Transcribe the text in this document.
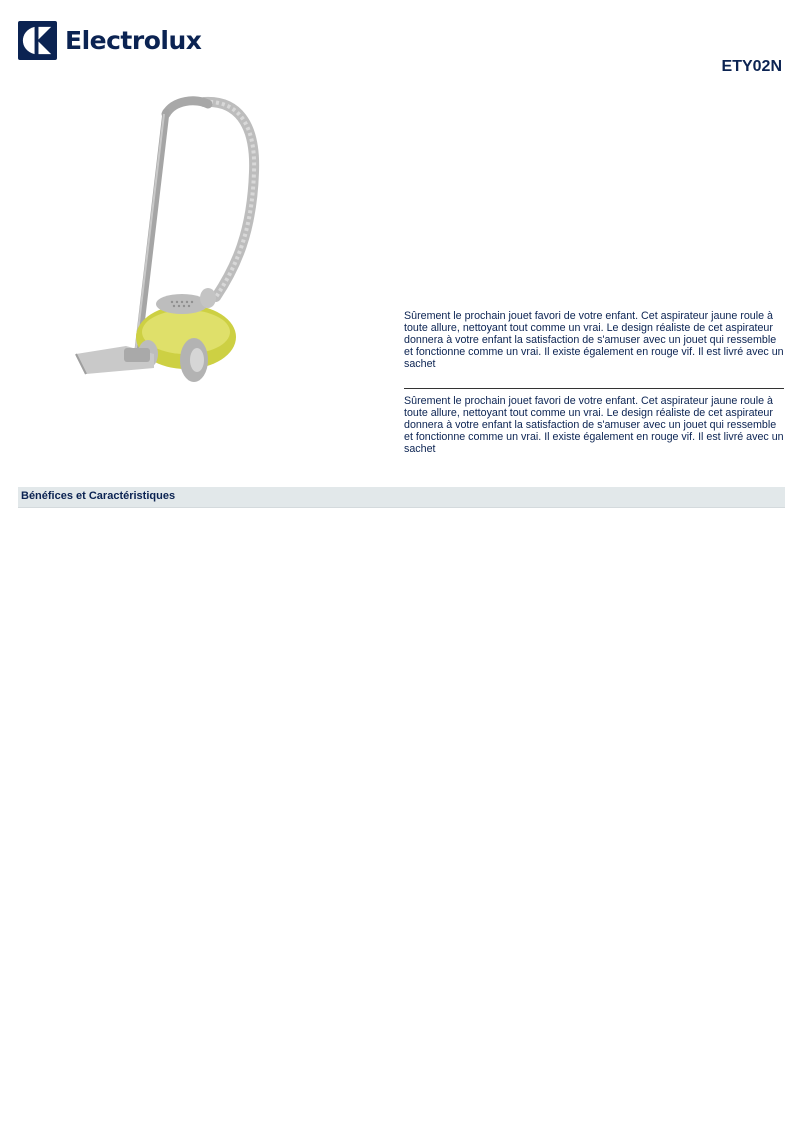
Electrolux
ETY02N
Sûrement le prochain jouet favori de votre enfant. Cet aspirateur jaune roule à toute allure, nettoyant tout comme un vrai. Le design réaliste de cet aspirateur donnera à votre enfant la satisfaction de s'amuser avec un jouet qui ressemble et fonctionne comme un vrai. Il existe également en rouge vif. Il est livré avec un sachet
Sûrement le prochain jouet favori de votre enfant. Cet aspirateur jaune roule à toute allure, nettoyant tout comme un vrai. Le design réaliste de cet aspirateur donnera à votre enfant la satisfaction de s'amuser avec un jouet qui ressemble et fonctionne comme un vrai. Il existe également en rouge vif. Il est livré avec un sachet
Bénéfices et Caractéristiques
